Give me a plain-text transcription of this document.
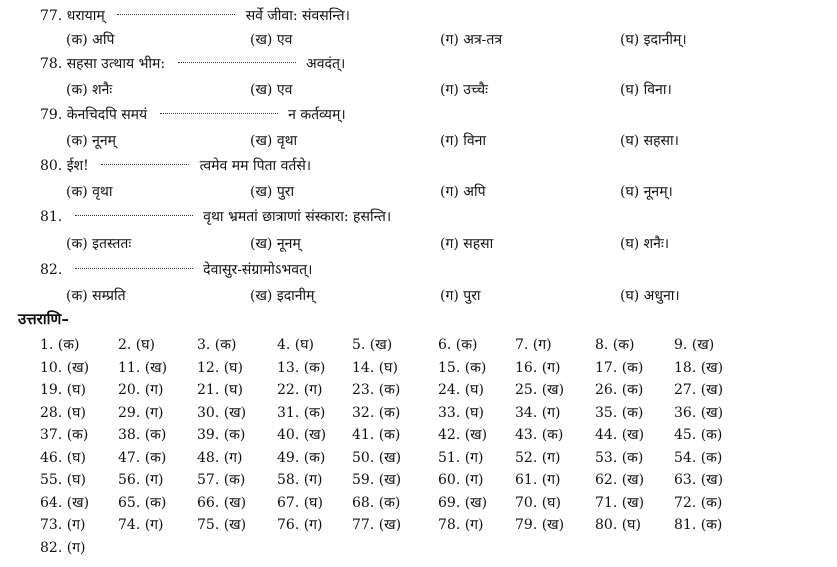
77. धरायाम्	सर्वे जीवा: संवसन्ति।
(क) अपि	(ख) एव	(ग) अत्र-तत्र	(घ) इदानीम्।
78. सहसा उत्थाय भीम:	अवदंत्।
(क) शनैः	(ख) एव	(ग) उच्चैः	(घ) विना।
79. केनचिदपि समयं	न कर्तव्यम्।
(क) नूनम्	(ख) वृथा	(ग) विना	(घ) सहसा।
80. ईश!	त्वमेव मम पिता वर्तसे।
(क) वृथा	(ख) पुरा	(ग) अपि	(घ) नूनम्।
81.	वृथा भ्रमतां छात्राणां संस्कारा: हसन्ति।
(क) इतस्ततः	(ख) नूनम्	(ग) सहसा	(घ) शनैः।
82.	देवासुर-संग्रामोऽभवत्।
(क) सम्प्रति	(ख) इदानीम्	(ग) पुरा	(घ) अधुना।
उत्तराणि–
1. (क)	2. (घ)	3. (क)	4. (घ)	5. (ख)	6. (क)	7. (ग)	8. (क)	9. (ख)
10. (ख) 11. (ख) 12. (घ) 13. (क) 14. (घ)	15. (क) 16. (ग) 17. (क) 18. (ख)
19. (घ) 20. (ग) 21. (घ) 22. (ग) 23. (क)	24. (घ) 25. (ख) 26. (क) 27. (ख)
28. (घ) 29. (ग) 30. (ख) 31. (क) 32. (क)	33. (घ) 34. (ग) 35. (क) 36. (ख)
37. (क) 38. (क) 39. (क) 40. (ख) 41. (क)	42. (ख) 43. (क) 44. (ख) 45. (क)
46. (घ) 47. (क) 48. (ग) 49. (क) 50. (ख)	51. (ग) 52. (ग) 53. (क) 54. (क)
55. (घ) 56. (ग) 57. (क) 58. (ग) 59. (ख)	60. (ग) 61. (ग) 62. (ख) 63. (ख)
64. (ख) 65. (क) 66. (ख) 67. (घ) 68. (क)	69. (ख) 70. (घ) 71. (ख) 72. (क)
73. (ग) 74. (ग) 75. (ख) 76. (ग) 77. (ख)	78. (ग) 79. (ख) 80. (घ) 81. (क)
82. (ग)
